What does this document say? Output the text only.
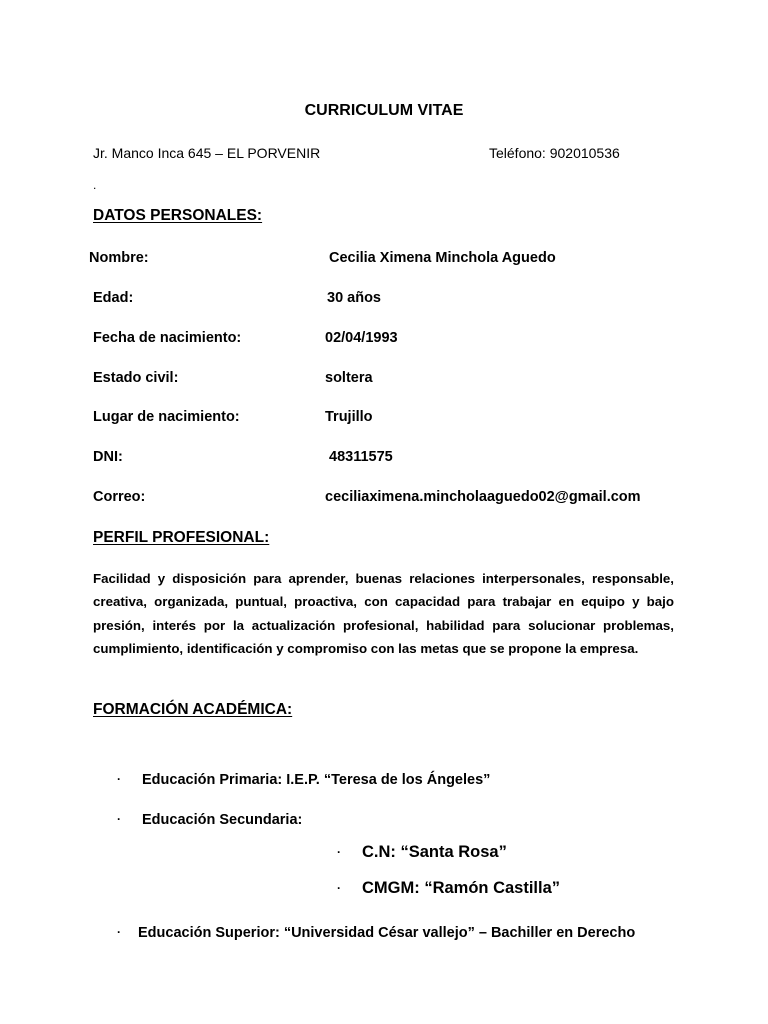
CURRICULUM VITAE
Jr. Manco Inca 645 – EL PORVENIR	Teléfono: 902010536
.
DATOS PERSONALES:
Nombre:	Cecilia Ximena Minchola Aguedo
Edad:	30 años
Fecha de nacimiento:	02/04/1993
Estado civil:	soltera
Lugar de nacimiento:	Trujillo
DNI:	48311575
Correo:	ceciliaximena.mincholaaguedo02@gmail.com
PERFIL PROFESIONAL:
Facilidad y disposición para aprender, buenas relaciones interpersonales, responsable, creativa, organizada, puntual, proactiva, con capacidad para trabajar en equipo y bajo presión, interés por la actualización profesional, habilidad para solucionar problemas, cumplimiento, identificación y compromiso con las metas que se propone la empresa.
FORMACIÓN ACADÉMICA:
· Educación Primaria: I.E.P. “Teresa de los Ángeles”
· Educación Secundaria:
· C.N: “Santa Rosa”
· CMGM: “Ramón Castilla”
· Educación Superior: “Universidad César vallejo” – Bachiller en Derecho
